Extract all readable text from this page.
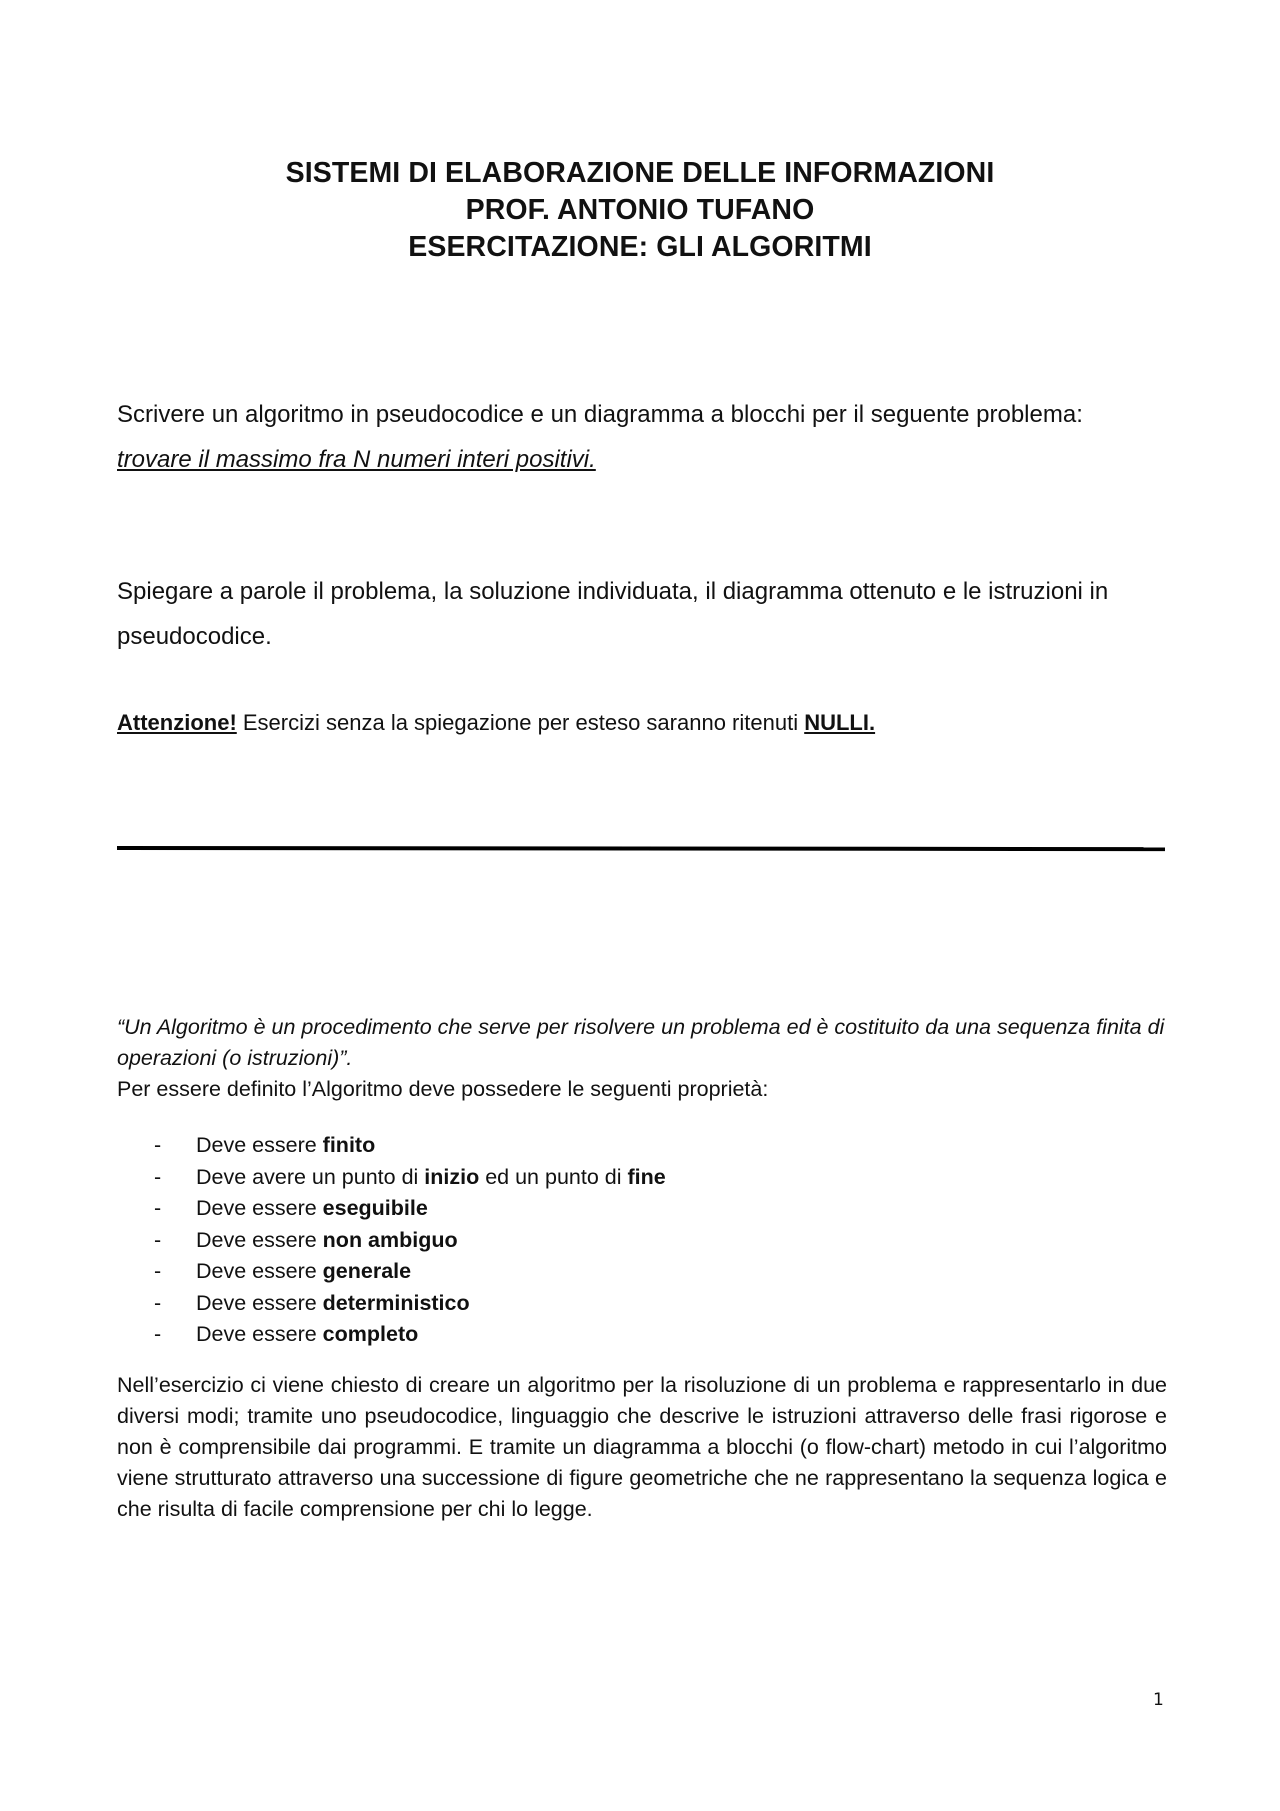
SISTEMI DI ELABORAZIONE DELLE INFORMAZIONI
PROF. ANTONIO TUFANO
ESERCITAZIONE: GLI ALGORITMI

Scrivere un algoritmo in pseudocodice e un diagramma a blocchi per il seguente problema:

trovare il massimo fra N numeri interi positivi.

Spiegare a parole il problema, la soluzione individuata, il diagramma ottenuto e le istruzioni in pseudocodice.

Attenzione! Esercizi senza la spiegazione per esteso saranno ritenuti NULLI.

“Un Algoritmo è un procedimento che serve per risolvere un problema ed è costituito da una sequenza finita di operazioni (o istruzioni)”.

Per essere definito l’Algoritmo deve possedere le seguenti proprietà:

- Deve essere finito
- Deve avere un punto di inizio ed un punto di fine
- Deve essere eseguibile
- Deve essere non ambiguo
- Deve essere generale
- Deve essere deterministico
- Deve essere completo

Nell’esercizio ci viene chiesto di creare un algoritmo per la risoluzione di un problema e rappresentarlo in due diversi modi; tramite uno pseudocodice, linguaggio che descrive le istruzioni attraverso delle frasi rigorose e non è comprensibile dai programmi. E tramite un diagramma a blocchi (o flow-chart) metodo in cui l’algoritmo viene strutturato attraverso una successione di figure geometriche che ne rappresentano la sequenza logica e che risulta di facile comprensione per chi lo legge.

1
